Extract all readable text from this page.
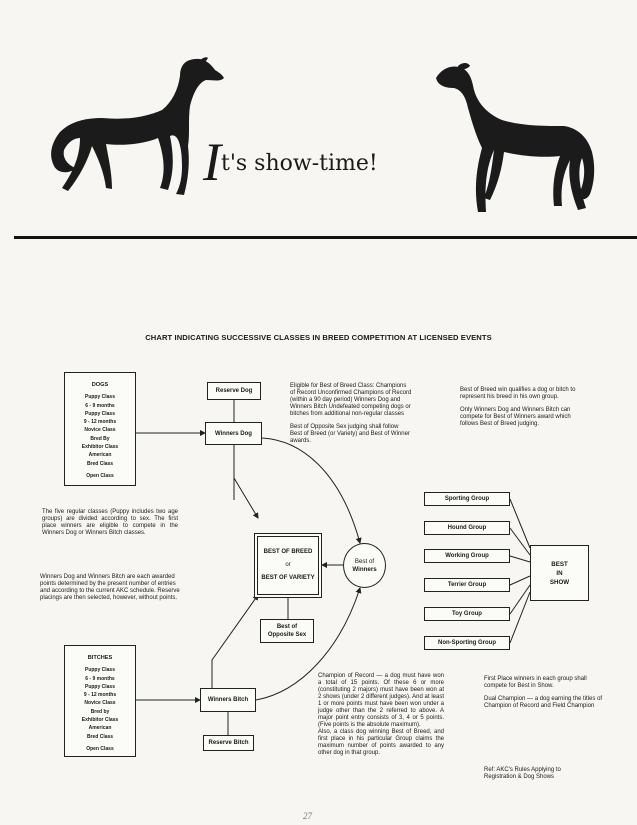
It's show-time!
CHART INDICATING SUCCESSIVE CLASSES IN BREED COMPETITION AT LICENSED EVENTS
DOGS
Puppy Class
6 - 9 months
Puppy Class
9 - 12 months
Novice Class
Bred By
Exhibitor Class
American
Bred Class
Open Class
BITCHES
Puppy Class
6 - 9 months
Puppy Class
9 - 12 months
Novice Class
Bred by
Exhibitor Class
American
Bred Class
Open Class
Reserve Dog
Winners Dog
Winners Bitch
Reserve Bitch
BEST OF BREED
or
BEST OF VARIETY
Best of
Opposite Sex
Best of
Winners
Sporting Group
Hound Group
Working Group
Terrier Group
Toy Group
Non-Sporting Group
BEST
IN
SHOW

Eligible for Best of Breed Class: Champions of Record Unconfirmed Champions of Record (within a 90 day period) Winners Dog and Winners Bitch Undefeated competing dogs or bitches from additional non-regular classes

Best of Opposite Sex judging shall follow Best of Breed (or Variety) and Best of Winner awards.

Best of Breed win qualifies a dog or bitch to represent his breed in his own group.

Only Winners Dog and Winners Bitch can compete for Best of Winners award which follows Best of Breed judging.

The five regular classes (Puppy includes two age groups) are divided according to sex. The first place winners are eligible to compete in the Winners Dog or Winners Bitch classes.

Winners Dog and Winners Bitch are each awarded points determined by the present number of entries and according to the current AKC schedule. Reserve placings are then selected, however, without points.

Champion of Record — a dog must have won a total of 15 points. Of these 6 or more (constituting 2 majors) must have been won at 2 shows (under 2 different judges). And at least 1 or more points must have been won under a judge other than the 2 referred to above. A major point entry consists of 3, 4 or 5 points. (Five points is the absolute maximum).

Also, a class dog winning Best of Breed, and first place in his particular Group claims the maximum number of points awarded to any other dog in that group.

First Place winners in each group shall compete for Best in Show.

Dual Champion — a dog earning the titles of Champion of Record and Field Champion

Ref: AKC's Rules Applying to Registration & Dog Shows

27
